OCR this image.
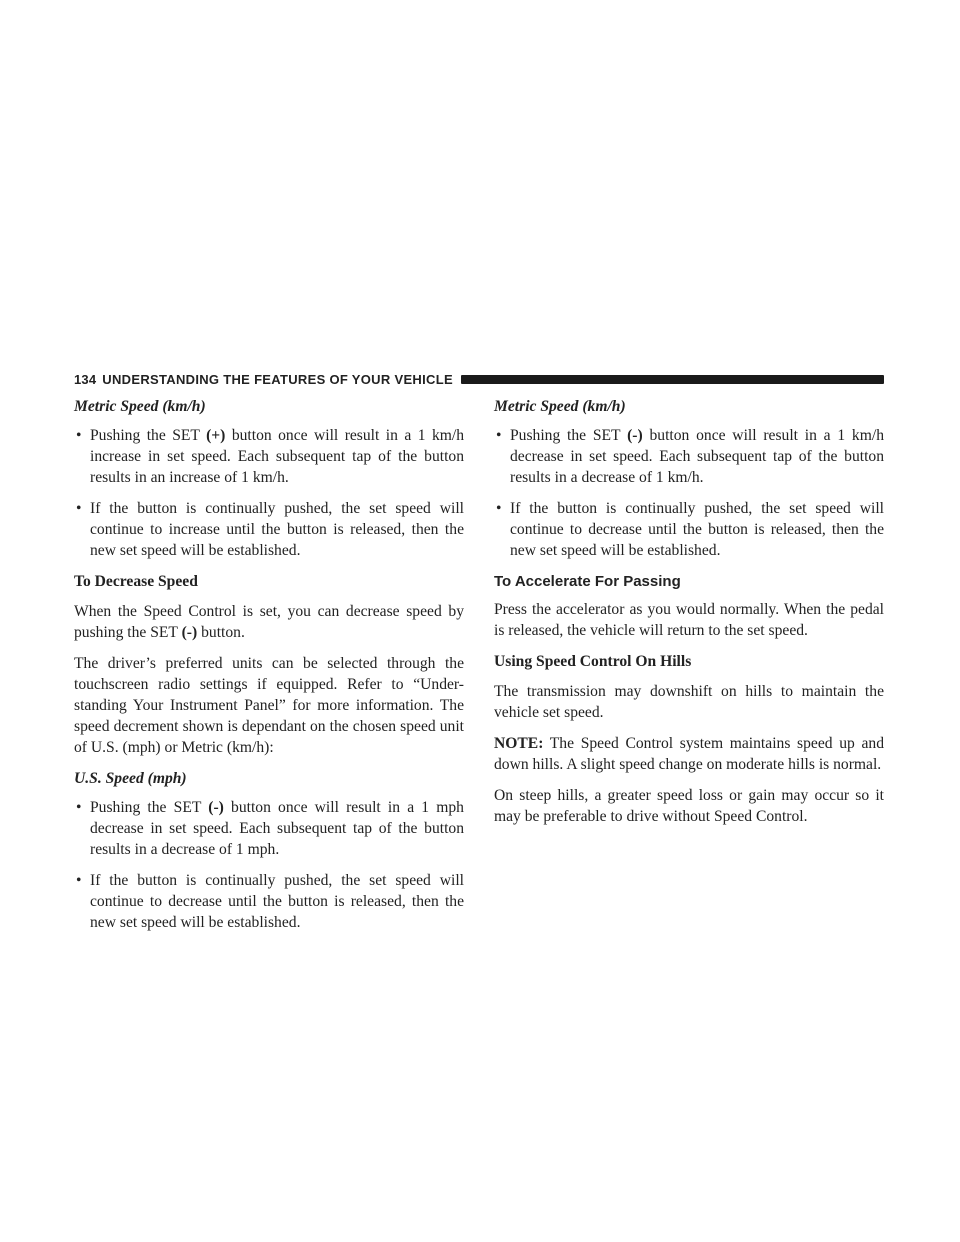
134 UNDERSTANDING THE FEATURES OF YOUR VEHICLE
Metric Speed (km/h)
• Pushing the SET (+) button once will result in a 1 km/h increase in set speed. Each subsequent tap of the button results in an increase of 1 km/h.
• If the button is continually pushed, the set speed will continue to increase until the button is released, then the new set speed will be established.
To Decrease Speed

When the Speed Control is set, you can decrease speed by pushing the SET (-) button.

The driver’s preferred units can be selected through the touchscreen radio settings if equipped. Refer to “Under-standing Your Instrument Panel” for more information. The speed decrement shown is dependant on the chosen speed unit of U.S. (mph) or Metric (km/h):

U.S. Speed (mph)
• Pushing the SET (-) button once will result in a 1 mph decrease in set speed. Each subsequent tap of the button results in a decrease of 1 mph.
• If the button is continually pushed, the set speed will continue to decrease until the button is released, then the new set speed will be established.
Metric Speed (km/h)
• Pushing the SET (-) button once will result in a 1 km/h decrease in set speed. Each subsequent tap of the button results in a decrease of 1 km/h.
• If the button is continually pushed, the set speed will continue to decrease until the button is released, then the new set speed will be established.
To Accelerate For Passing

Press the accelerator as you would normally. When the pedal is released, the vehicle will return to the set speed.

Using Speed Control On Hills

The transmission may downshift on hills to maintain the vehicle set speed.

NOTE: The Speed Control system maintains speed up and down hills. A slight speed change on moderate hills is normal.

On steep hills, a greater speed loss or gain may occur so it may be preferable to drive without Speed Control.
